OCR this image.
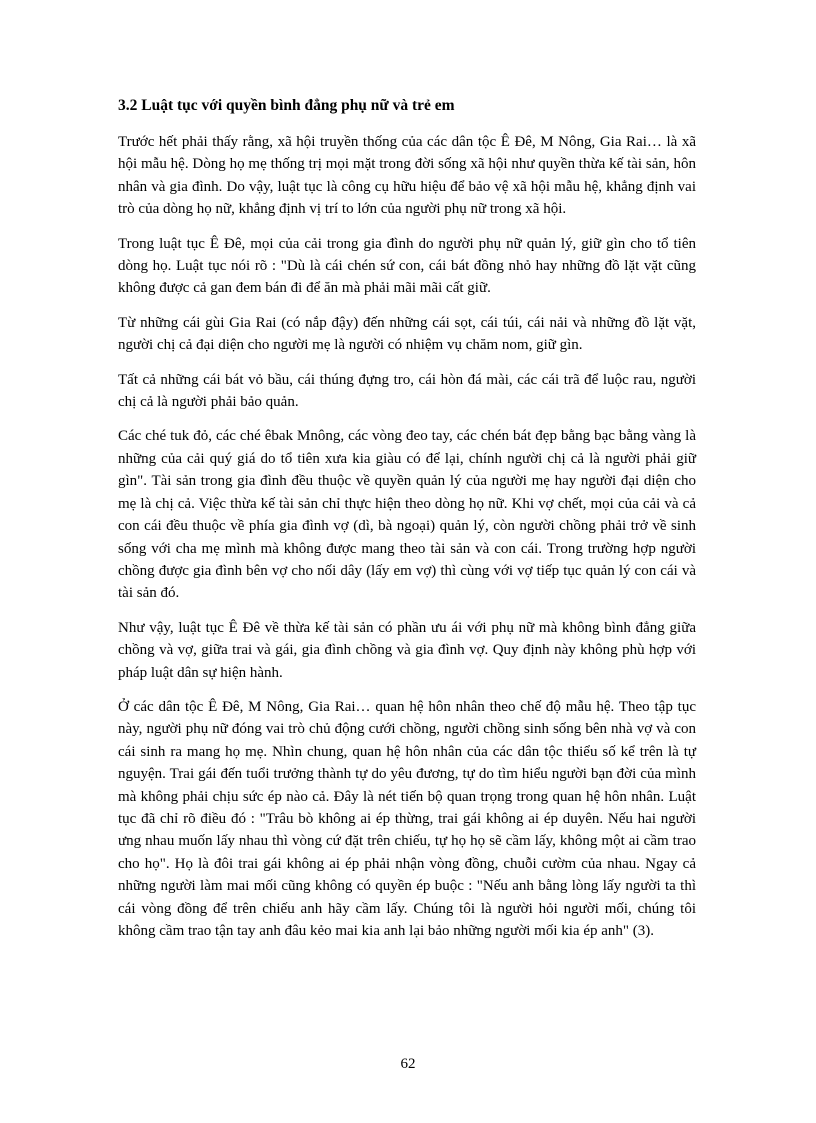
3.2 Luật tục với quyền bình đẳng phụ nữ và trẻ em

Trước hết phải thấy rằng, xã hội truyền thống của các dân tộc Ê Đê, M Nông, Gia Rai… là xã hội mẫu hệ. Dòng họ mẹ thống trị mọi mặt trong đời sống xã hội như quyền thừa kế tài sản, hôn nhân và gia đình. Do vậy, luật tục là công cụ hữu hiệu để bảo vệ xã hội mẫu hệ, khẳng định vai trò của dòng họ nữ, khẳng định vị trí to lớn của người phụ nữ trong xã hội.

Trong luật tục Ê Đê, mọi của cải trong gia đình do người phụ nữ quản lý, giữ gìn cho tổ tiên dòng họ. Luật tục nói rõ : "Dù là cái chén sứ con, cái bát đồng nhỏ hay những đồ lặt vặt cũng không được cả gan đem bán đi để ăn mà phải mãi mãi cất giữ.

Từ những cái gùi Gia Rai (có nắp đậy) đến những cái sọt, cái túi, cái nải và những đồ lặt vặt, người chị cả đại diện cho người mẹ là người có nhiệm vụ chăm nom, giữ gìn.

Tất cả những cái bát vỏ bầu, cái thúng đựng tro, cái hòn đá mài, các cái trã để luộc rau, người chị cả là người phải bảo quản.

Các ché tuk đỏ, các ché êbak Mnông, các vòng đeo tay, các chén bát đẹp bằng bạc bằng vàng là những của cải quý giá do tổ tiên xưa kia giàu có để lại, chính người chị cả là người phải giữ gìn". Tài sản trong gia đình đều thuộc về quyền quản lý của người mẹ hay người đại diện cho mẹ là chị cả. Việc thừa kế tài sản chỉ thực hiện theo dòng họ nữ. Khi vợ chết, mọi của cải và cả con cái đều thuộc về phía gia đình vợ (dì, bà ngoại) quản lý, còn người chồng phải trở về sinh sống với cha mẹ mình mà không được mang theo tài sản và con cái. Trong trường hợp người chồng được gia đình bên vợ cho nối dây (lấy em vợ) thì cùng với vợ tiếp tục quản lý con cái và tài sản đó.

Như vậy, luật tục Ê Đê về thừa kế tài sản có phần ưu ái với phụ nữ mà không bình đẳng giữa chồng và vợ, giữa trai và gái, gia đình chồng và gia đình vợ. Quy định này không phù hợp với pháp luật dân sự hiện hành.

Ở các dân tộc Ê Đê, M Nông, Gia Rai… quan hệ hôn nhân theo chế độ mẫu hệ. Theo tập tục này, người phụ nữ đóng vai trò chủ động cưới chồng, người chồng sinh sống bên nhà vợ và con cái sinh ra mang họ mẹ. Nhìn chung, quan hệ hôn nhân của các dân tộc thiểu số kể trên là tự nguyện. Trai gái đến tuổi trưởng thành tự do yêu đương, tự do tìm hiểu người bạn đời của mình mà không phải chịu sức ép nào cả. Đây là nét tiến bộ quan trọng trong quan hệ hôn nhân. Luật tục đã chỉ rõ điều đó : "Trâu bò không ai ép thừng, trai gái không ai ép duyên. Nếu hai người ưng nhau muốn lấy nhau thì vòng cứ đặt trên chiếu, tự họ họ sẽ cầm lấy, không một ai cầm trao cho họ". Họ là đôi trai gái không ai ép phải nhận vòng đồng, chuỗi cườm của nhau. Ngay cả những người làm mai mối cũng không có quyền ép buộc : "Nếu anh bằng lòng lấy người ta thì cái vòng đồng để trên chiếu anh hãy cầm lấy. Chúng tôi là người hỏi người mối, chúng tôi không cầm trao tận tay anh đâu kẻo mai kia anh lại bảo những người mối kia ép anh" (3).

62
